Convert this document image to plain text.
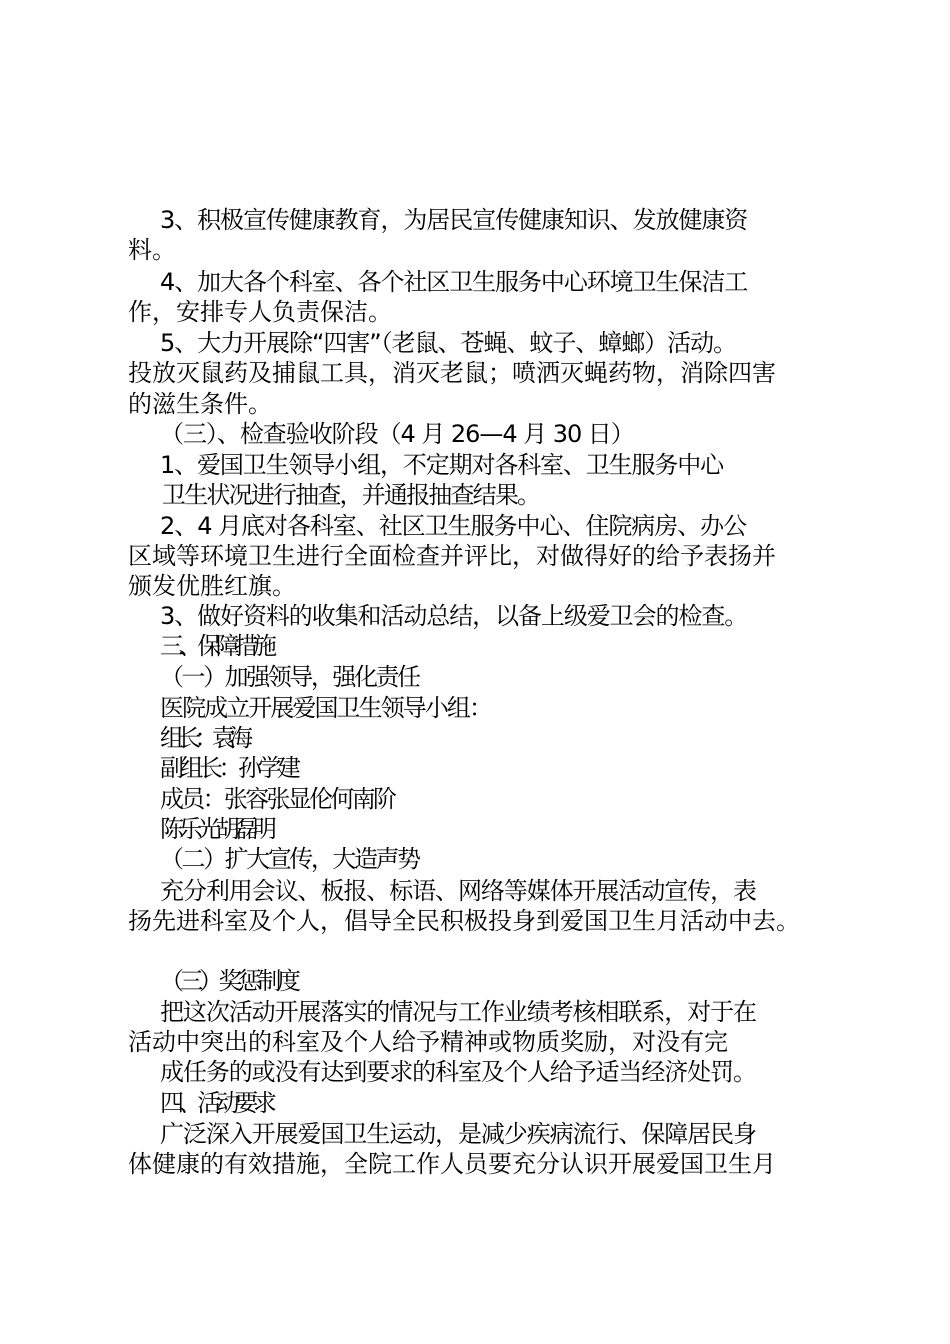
3、积极宣传健康教育，为居民宣传健康知识、发放健康资
料。
4、加大各个科室、各个社区卫生服务中心环境卫生保洁工
作，安排专人负责保洁。
5、大力开展除“四害”（老鼠、苍蝇、蚊子、蟑螂）活动。
投放灭鼠药及捕鼠工具，消灭老鼠；喷洒灭蝇药物，消除四害
的滋生条件。
（三）、检查验收阶段（4 月 26—4 月 30 日）
1、爱国卫生领导小组，不定期对各科室、卫生服务中心
卫生状况进行抽查，并通报抽查结果。
2、4 月底对各科室、社区卫生服务中心、住院病房、办公
区域等环境卫生进行全面检查并评比，对做得好的给予表扬并
颁发优胜红旗。
3、做好资料的收集和活动总结，以备上级爱卫会的检查。
三、保障措施
（一）加强领导，强化责任
医院成立开展爱国卫生领导小组：
组长：袁海
副组长：孙学建
成员：张容张显伦何南阶
陈乐光胡磊明
（二）扩大宣传，大造声势
充分利用会议、板报、标语、网络等媒体开展活动宣传，表
扬先进科室及个人，倡导全民积极投身到爱国卫生月活动中去。
（三）奖惩制度
把这次活动开展落实的情况与工作业绩考核相联系，对于在
活动中突出的科室及个人给予精神或物质奖励，对没有完
成任务的或没有达到要求的科室及个人给予适当经济处罚。
四、活动要求
广泛深入开展爱国卫生运动，是减少疾病流行、保障居民身
体健康的有效措施，全院工作人员要充分认识开展爱国卫生月
